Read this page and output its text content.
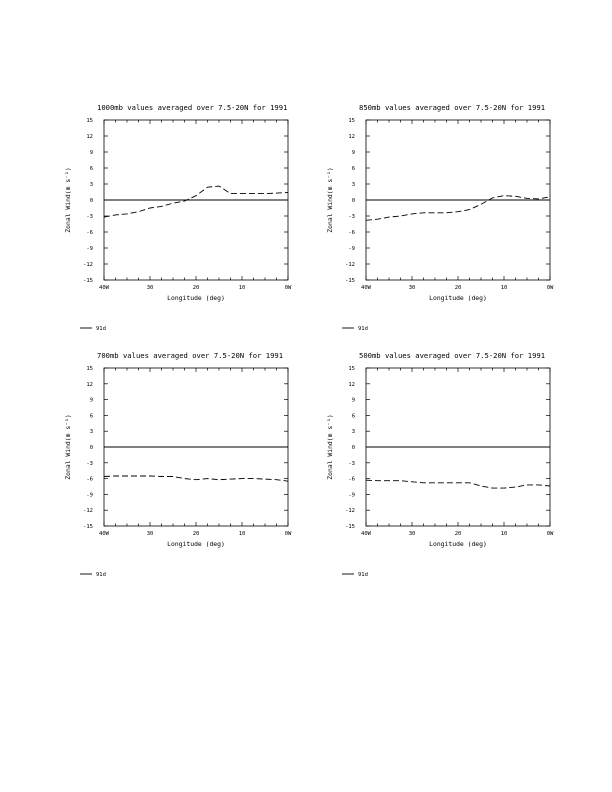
1000mb values averaged over 7.5-20N for 1991
15
12
9
6
3
0
-3
-6
-9
-12
-15
40W	30	20	10	0W
Longitude (deg)
Zonal Wind(m s⁻¹)
91d
850mb values averaged over 7.5-20N for 1991
15
12
9
6
3
0
-3
-6
-9
-12
-15
40W	30	20	10	0W
Longitude (deg)
Zonal Wind(m s⁻¹)
91d
700mb values averaged over 7.5-20N for 1991
15
12
9
6
3
0
-3
-6
-9
-12
-15
40W	30	20	10	0W
Longitude (deg)
Zonal Wind(m s⁻¹)
91d
500mb values averaged over 7.5-20N for 1991
15
12
9
6
3
0
-3
-6
-9
-12
-15
40W	30	20	10	0W
Longitude (deg)
Zonal Wind(m s⁻¹)
91d
